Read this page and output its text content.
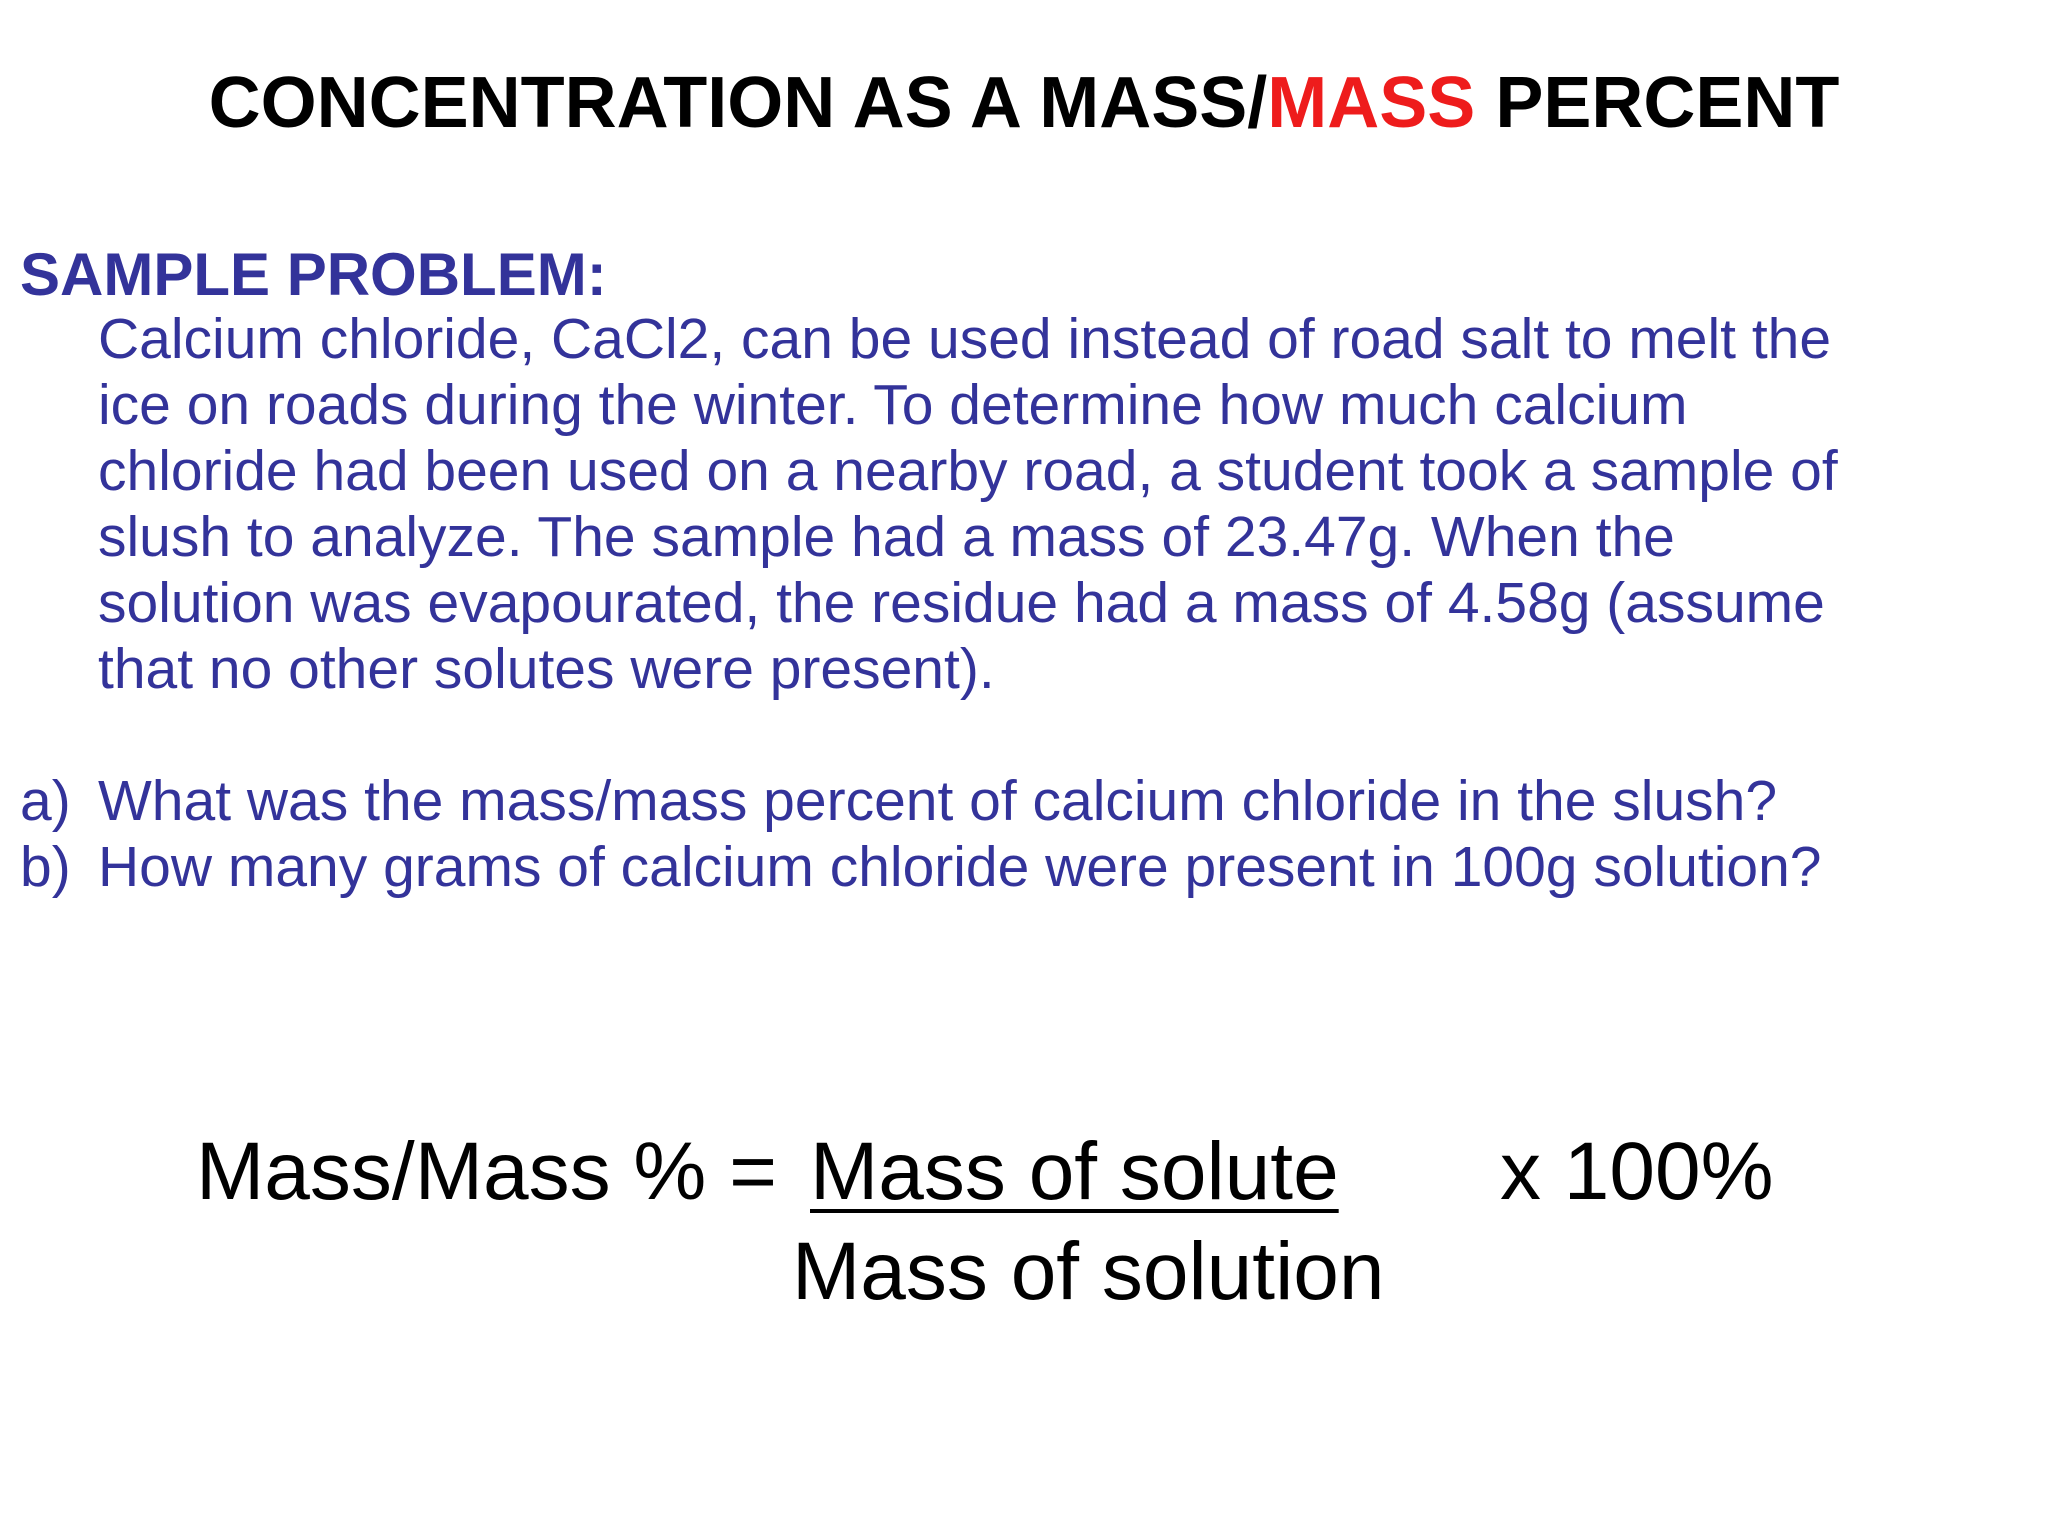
CONCENTRATION AS A MASS/MASS PERCENT
SAMPLE PROBLEM:
Calcium chloride, CaCl2, can be used instead of road salt to melt the
ice on roads during the winter. To determine how much calcium
chloride had been used on a nearby road, a student took a sample of
slush to analyze. The sample had a mass of 23.47g. When the
solution was evapourated, the residue had a mass of 4.58g (assume
that no other solutes were present).
a) What was the mass/mass percent of calcium chloride in the slush?
b) How many grams of calcium chloride were present in 100g solution?
Mass/Mass % = Mass of solute x 100%
Mass of solution
